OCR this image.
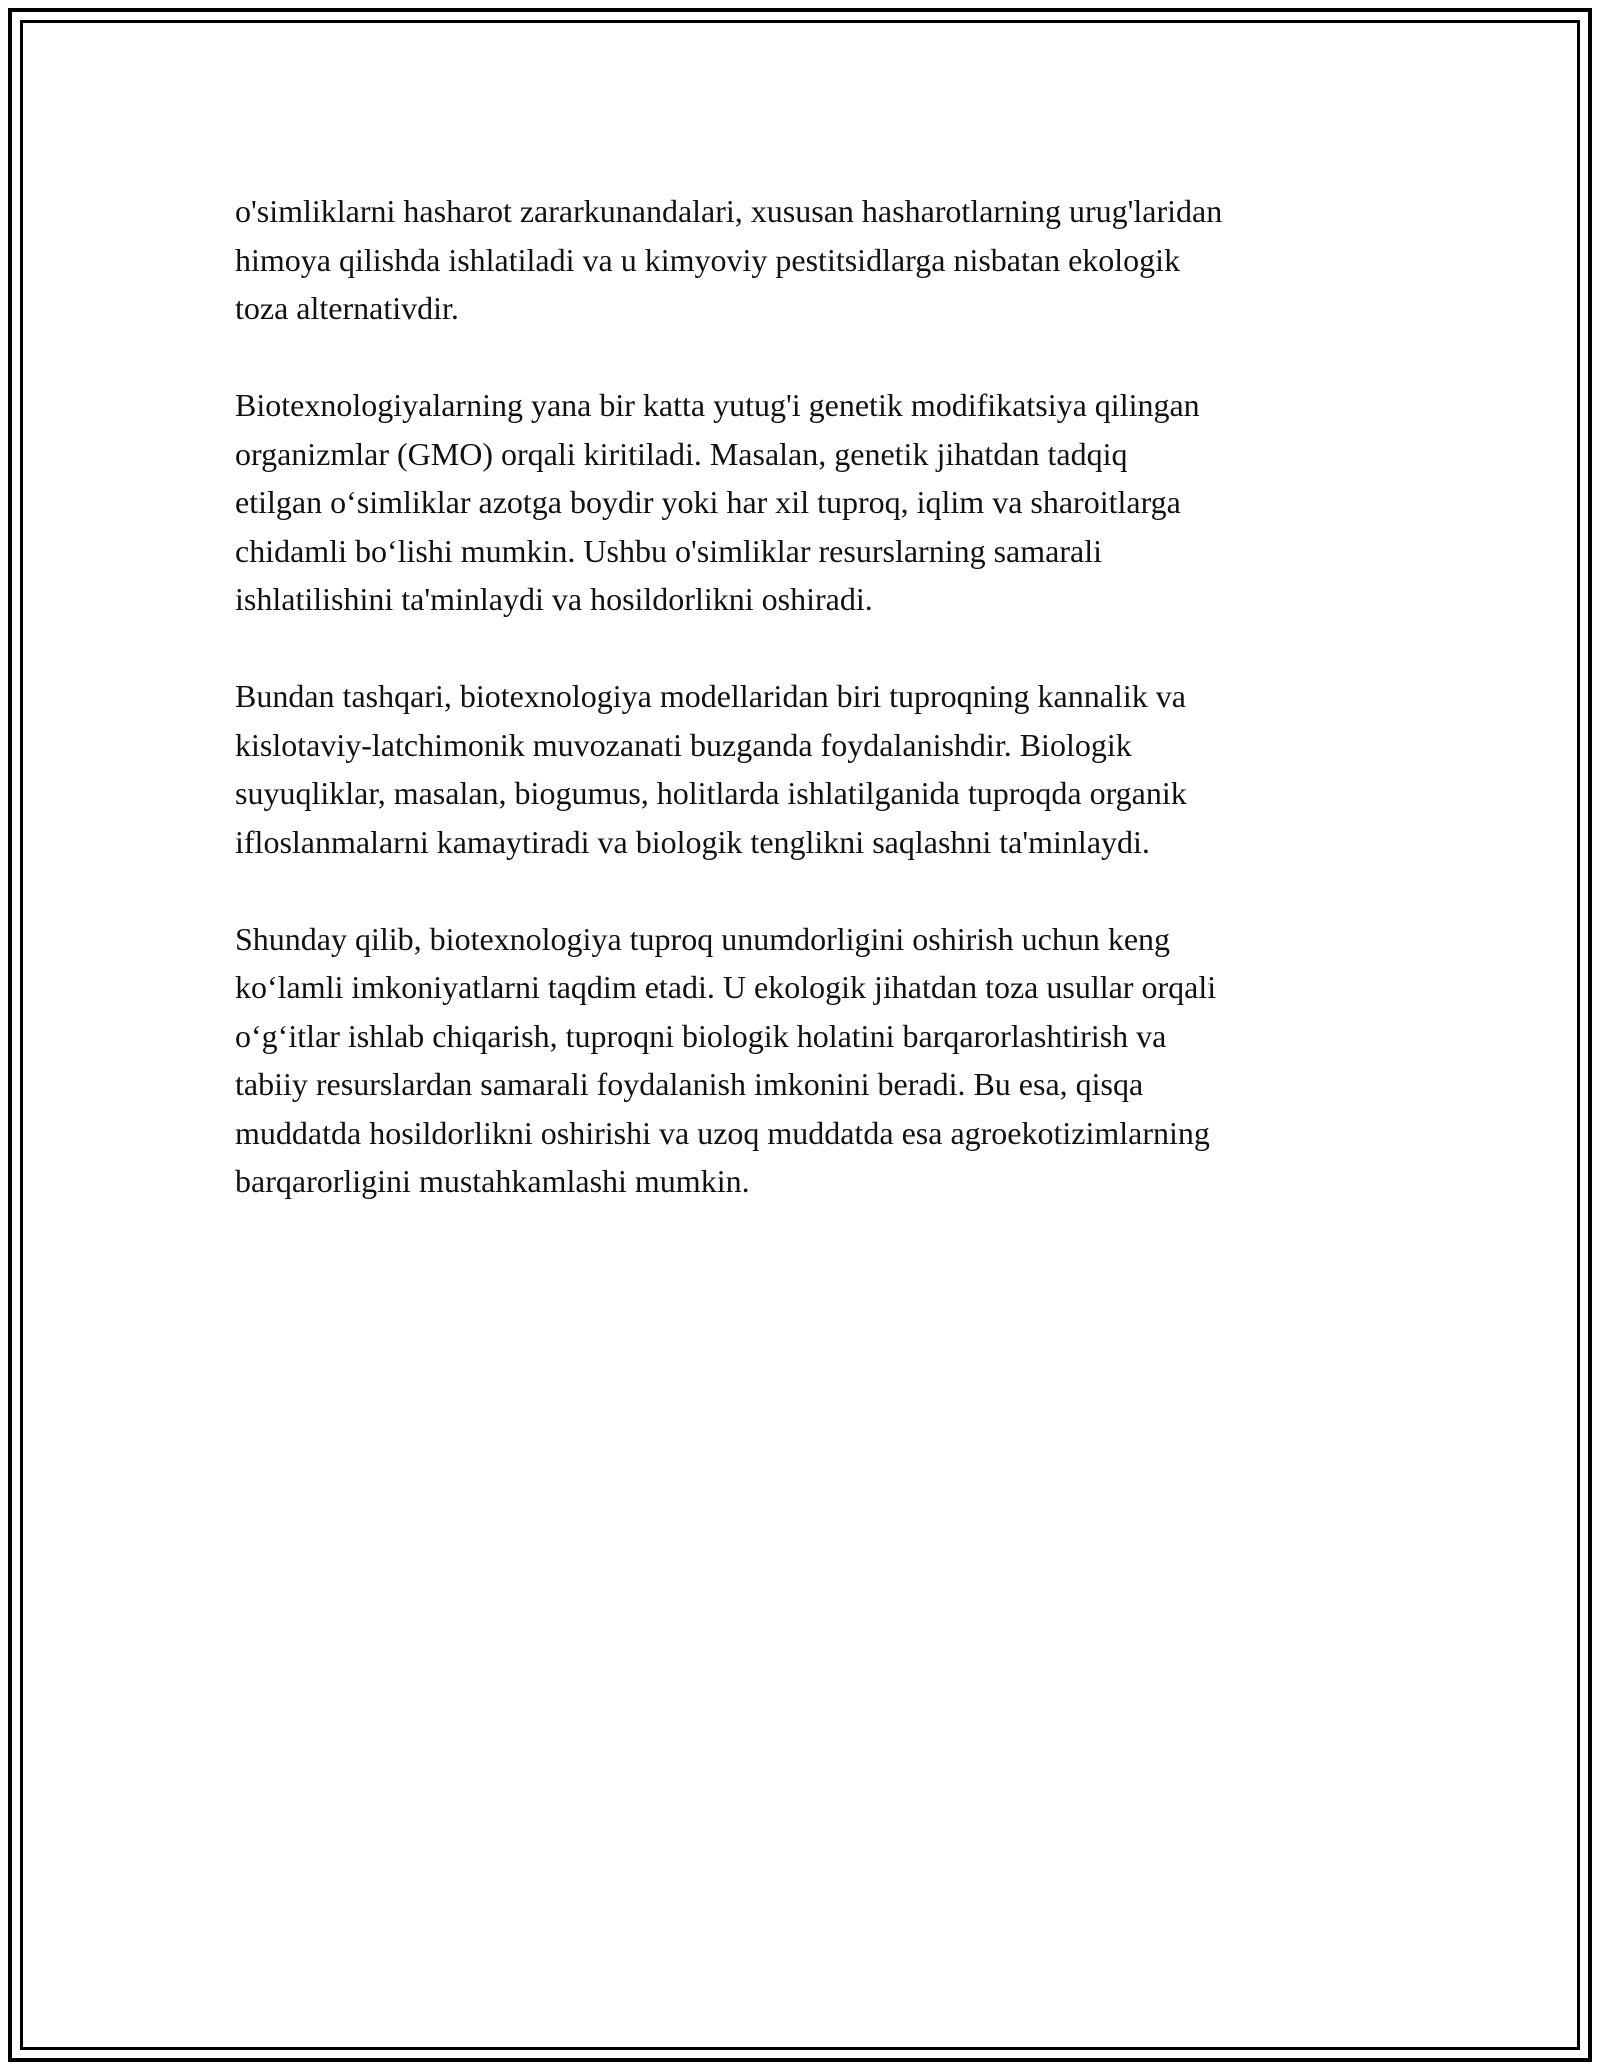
o'simliklarni hasharot zararkunandalari, xususan hasharotlarning urug'laridan
himoya qilishda ishlatiladi va u kimyoviy pestitsidlarga nisbatan ekologik
toza alternativdir.

Biotexnologiyalarning yana bir katta yutug'i genetik modifikatsiya qilingan
organizmlar (GMO) orqali kiritiladi. Masalan, genetik jihatdan tadqiq
etilgan o‘simliklar azotga boydir yoki har xil tuproq, iqlim va sharoitlarga
chidamli bo‘lishi mumkin. Ushbu o'simliklar resurslarning samarali
ishlatilishini ta'minlaydi va hosildorlikni oshiradi.

Bundan tashqari, biotexnologiya modellaridan biri tuproqning kannalik va
kislotaviy-latchimonik muvozanati buzganda foydalanishdir. Biologik
suyuqliklar, masalan, biogumus, holitlarda ishlatilganida tuproqda organik
ifloslanmalarni kamaytiradi va biologik tenglikni saqlashni ta'minlaydi.

Shunday qilib, biotexnologiya tuproq unumdorligini oshirish uchun keng
ko‘lamli imkoniyatlarni taqdim etadi. U ekologik jihatdan toza usullar orqali
o‘g‘itlar ishlab chiqarish, tuproqni biologik holatini barqarorlashtirish va
tabiiy resurslardan samarali foydalanish imkonini beradi. Bu esa, qisqa
muddatda hosildorlikni oshirishi va uzoq muddatda esa agroekotizimlarning
barqarorligini mustahkamlashi mumkin.
